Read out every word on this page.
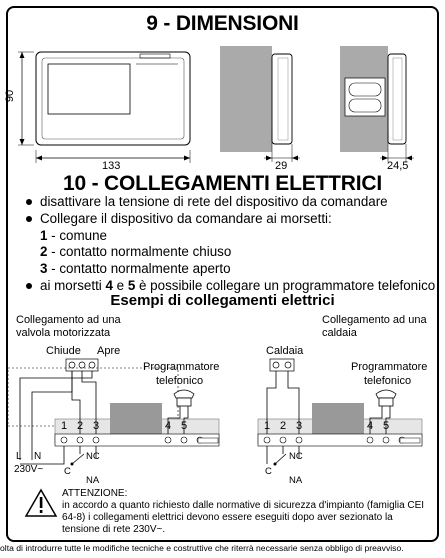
9 - DIMENSIONI
90
133	29	24,5
10 - COLLEGAMENTI ELETTRICI
disattivare la tensione di rete del dispositivo da comandare
Collegare il dispositivo da comandare ai morsetti:
1 - comune
2 - contatto normalmente chiuso
3 - contatto normalmente aperto
ai morsetti 4 e 5 è possibile collegare un programmatore telefonico
Esempi di collegamenti elettrici
Collegamento ad una
valvola motorizzata
Collegamento ad una
caldaia
Chiude Apre
1 2 3	4 5
NC
NA
C
Programmatore
telefonico
L N
230V~
Caldaia
1 2 3	4 5
NC
NA
C
Programmatore
telefonico
ATTENZIONE:
in accordo a quanto richiesto dalle normative di sicurezza d'impianto (famiglia CEI
64-8) i collegamenti elettrici devono essere eseguiti dopo aver sezionato la
tensione di rete 230V~.
olta di introdurre tutte le modifiche tecniche e costruttive che riterrà necessarie senza obbligo di preavviso.
